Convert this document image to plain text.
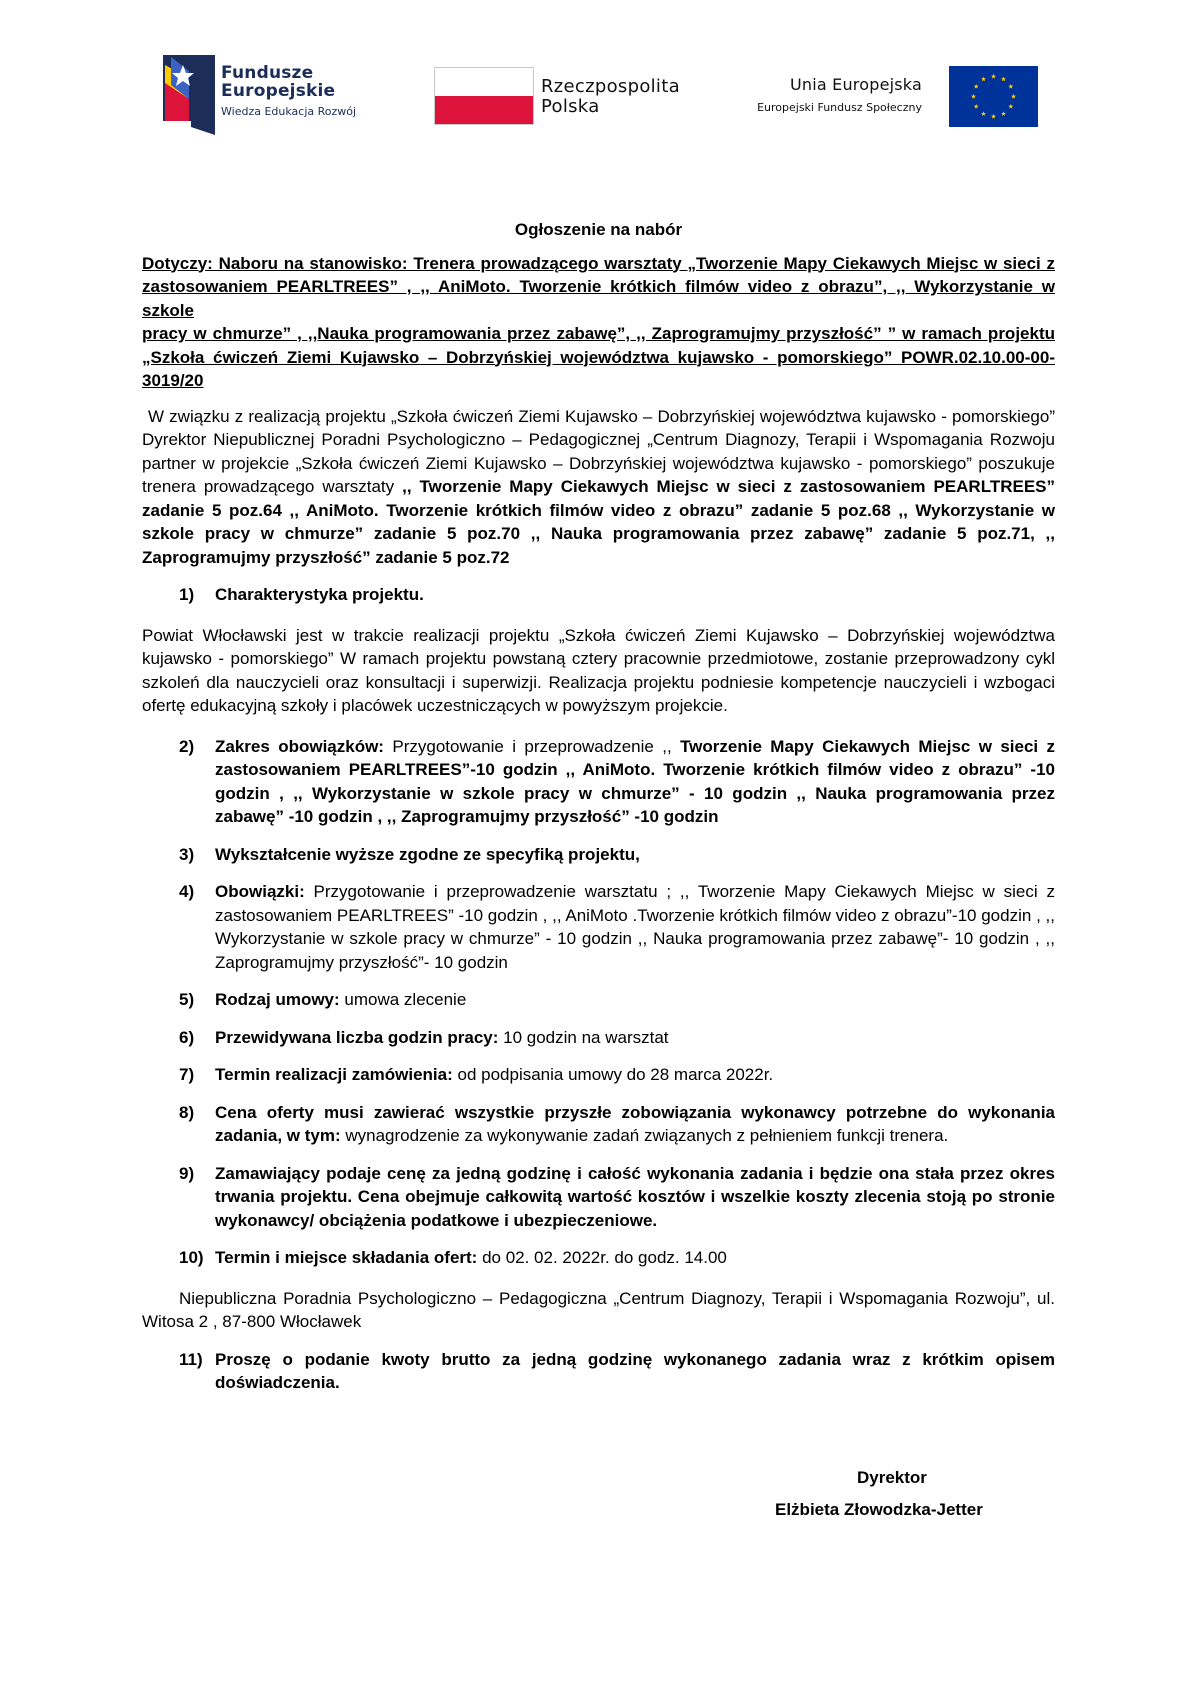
Fundusze
Europejskie
Wiedza Edukacja Rozwój
Rzeczpospolita
Polska
Unia Europejska
Europejski Fundusz Społeczny

Ogłoszenie na nabór

Dotyczy: Naboru na stanowisko: Trenera prowadzącego warsztaty „Tworzenie Mapy Ciekawych Miejsc w sieci z
zastosowaniem PEARLTREES” , ,, AniMoto. Tworzenie krótkich filmów video z obrazu”, ,, Wykorzystanie w szkole
pracy w chmurze” , ,,Nauka programowania przez zabawę”, ,, Zaprogramujmy przyszłość” ” w ramach projektu
„Szkoła ćwiczeń Ziemi Kujawsko – Dobrzyńskiej województwa kujawsko - pomorskiego” POWR.02.10.00-00-3019/20

W związku z realizacją projektu „Szkoła ćwiczeń Ziemi Kujawsko – Dobrzyńskiej województwa kujawsko - pomorskiego” Dyrektor Niepublicznej Poradni Psychologiczno – Pedagogicznej „Centrum Diagnozy, Terapii i Wspomagania Rozwoju partner w projekcie „Szkoła ćwiczeń Ziemi Kujawsko – Dobrzyńskiej województwa kujawsko - pomorskiego” poszukuje trenera prowadzącego warsztaty ,, Tworzenie Mapy Ciekawych Miejsc w sieci z zastosowaniem PEARLTREES” zadanie 5 poz.64 ,, AniMoto. Tworzenie krótkich filmów video z obrazu” zadanie 5 poz.68 ,, Wykorzystanie w szkole pracy w chmurze” zadanie 5 poz.70 ,, Nauka programowania przez zabawę” zadanie 5 poz.71, ,, Zaprogramujmy przyszłość” zadanie 5 poz.72

1) Charakterystyka projektu.

Powiat Włocławski jest w trakcie realizacji projektu „Szkoła ćwiczeń Ziemi Kujawsko – Dobrzyńskiej województwa kujawsko - pomorskiego” W ramach projektu powstaną cztery pracownie przedmiotowe, zostanie przeprowadzony cykl szkoleń dla nauczycieli oraz konsultacji i superwizji. Realizacja projektu podniesie kompetencje nauczycieli i wzbogaci ofertę edukacyjną szkoły i placówek uczestniczących w powyższym projekcie.

2) Zakres obowiązków: Przygotowanie i przeprowadzenie ,, Tworzenie Mapy Ciekawych Miejsc w sieci z zastosowaniem PEARLTREES”-10 godzin ,, AniMoto. Tworzenie krótkich filmów video z obrazu” -10 godzin , ,, Wykorzystanie w szkole pracy w chmurze” - 10 godzin ,, Nauka programowania przez zabawę” -10 godzin , ,, Zaprogramujmy przyszłość” -10 godzin
3) Wykształcenie wyższe zgodne ze specyfiką projektu,
4) Obowiązki: Przygotowanie i przeprowadzenie warsztatu ; ,, Tworzenie Mapy Ciekawych Miejsc w sieci z zastosowaniem PEARLTREES” -10 godzin , ,, AniMoto .Tworzenie krótkich filmów video z obrazu”-10 godzin , ,, Wykorzystanie w szkole pracy w chmurze” - 10 godzin ,, Nauka programowania przez zabawę”- 10 godzin , ,, Zaprogramujmy przyszłość”- 10 godzin
5) Rodzaj umowy: umowa zlecenie
6) Przewidywana liczba godzin pracy: 10 godzin na warsztat
7) Termin realizacji zamówienia: od podpisania umowy do 28 marca 2022r.
8) Cena oferty musi zawierać wszystkie przyszłe zobowiązania wykonawcy potrzebne do wykonania zadania, w tym: wynagrodzenie za wykonywanie zadań związanych z pełnieniem funkcji trenera.
9) Zamawiający podaje cenę za jedną godzinę i całość wykonania zadania i będzie ona stała przez okres trwania projektu. Cena obejmuje całkowitą wartość kosztów i wszelkie koszty zlecenia stoją po stronie wykonawcy/ obciążenia podatkowe i ubezpieczeniowe.
10) Termin i miejsce składania ofert: do 02. 02. 2022r. do godz. 14.00

Niepubliczna Poradnia Psychologiczno – Pedagogiczna „Centrum Diagnozy, Terapii i Wspomagania Rozwoju”, ul. Witosa 2 , 87-800 Włocławek

11) Proszę o podanie kwoty brutto za jedną godzinę wykonanego zadania wraz z krótkim opisem doświadczenia.
Dyrektor
Elżbieta Złowodzka-Jetter
